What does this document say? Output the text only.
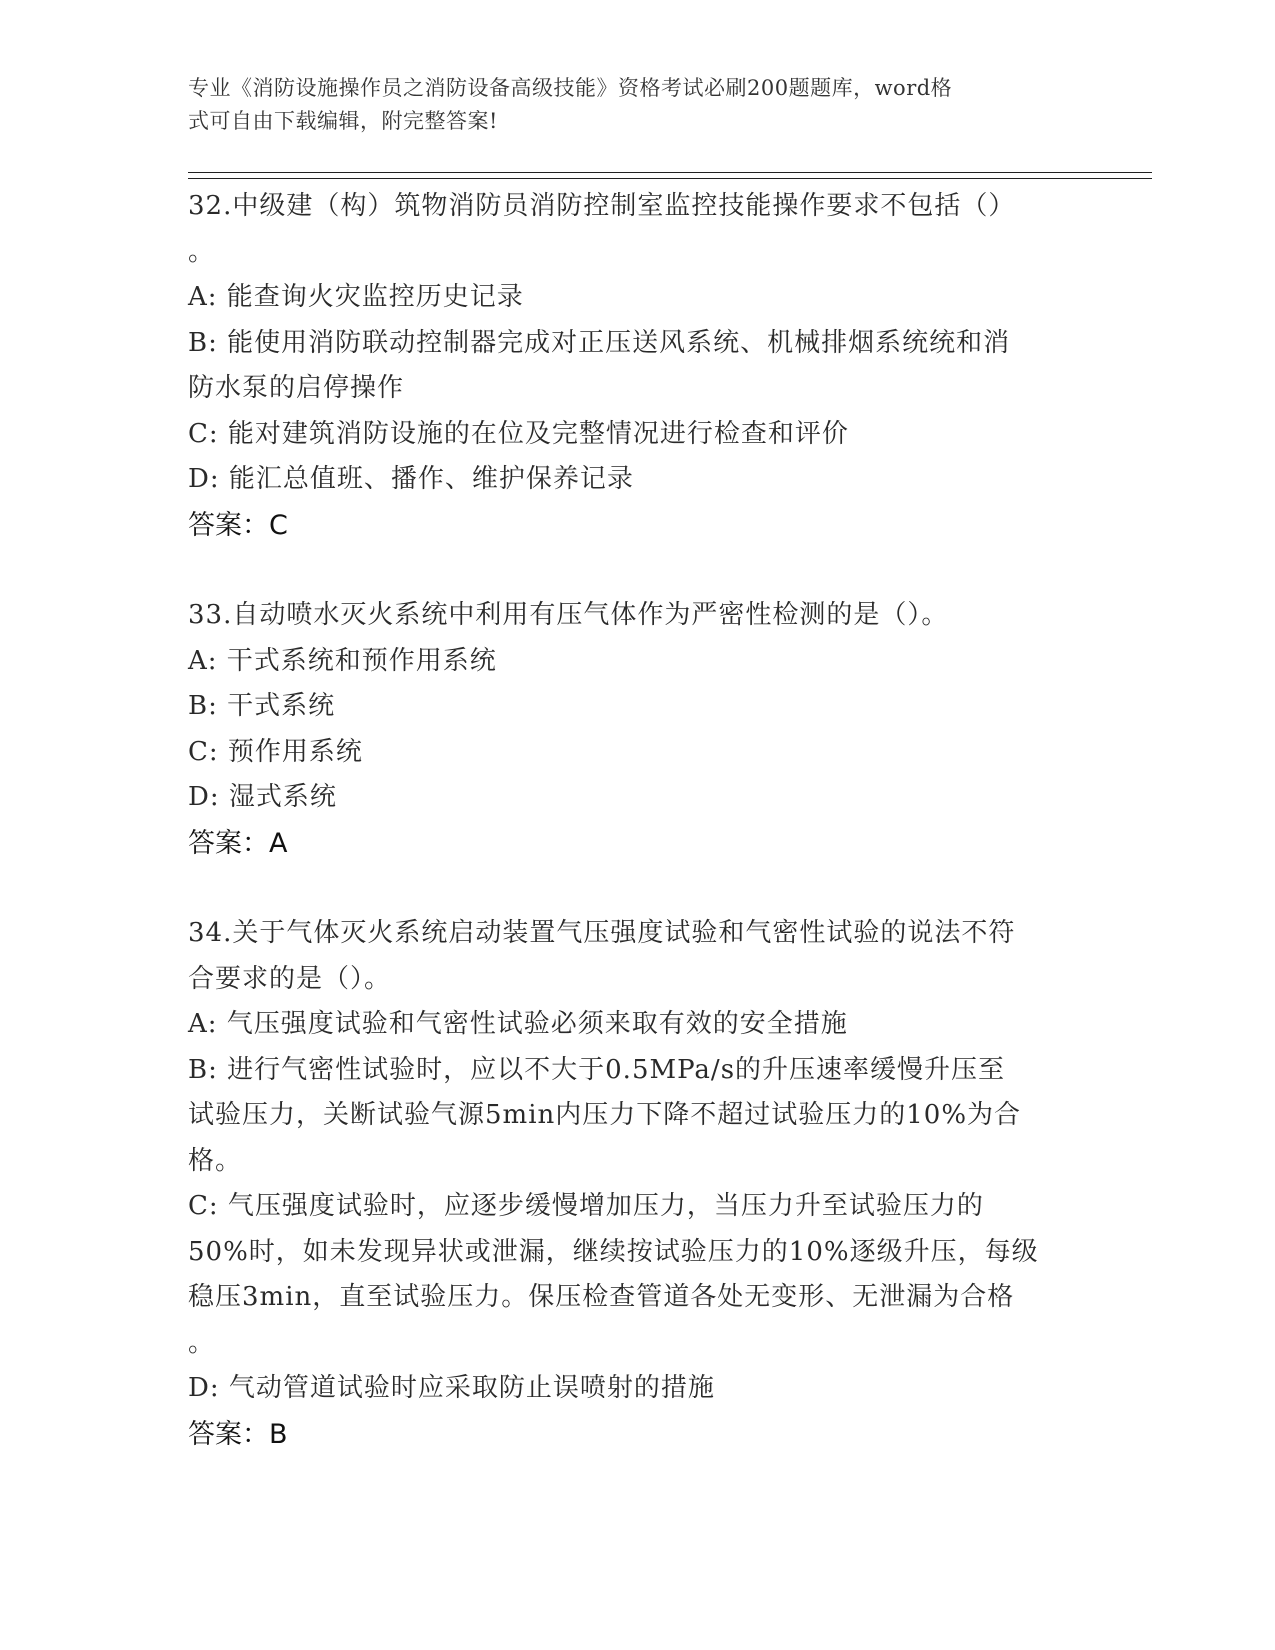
专业《消防设施操作员之消防设备高级技能》资格考试必刷200题题库，word格
式可自由下载编辑，附完整答案!
32.中级建（构）筑物消防员消防控制室监控技能操作要求不包括（）
。
A: 能查询火灾监控历史记录
B: 能使用消防联动控制器完成对正压送风系统、机械排烟系统统和消
防水泵的启停操作
C: 能对建筑消防设施的在位及完整情况进行检查和评价
D: 能汇总值班、播作、维护保养记录
答案：C
33.自动喷水灭火系统中利用有压气体作为严密性检测的是（）。
A: 干式系统和预作用系统
B: 干式系统
C: 预作用系统
D: 湿式系统
答案：A
34.关于气体灭火系统启动装置气压强度试验和气密性试验的说法不符
合要求的是（）。
A: 气压强度试验和气密性试验必须来取有效的安全措施
B: 进行气密性试验时，应以不大于0.5MPa/s的升压速率缓慢升压至
试验压力，关断试验气源5min内压力下降不超过试验压力的10%为合
格。
C: 气压强度试验时，应逐步缓慢增加压力，当压力升至试验压力的
50%时，如未发现异状或泄漏，继续按试验压力的10%逐级升压，每级
稳压3min，直至试验压力。保压检查管道各处无变形、无泄漏为合格
。
D: 气动管道试验时应采取防止误喷射的措施
答案：B
